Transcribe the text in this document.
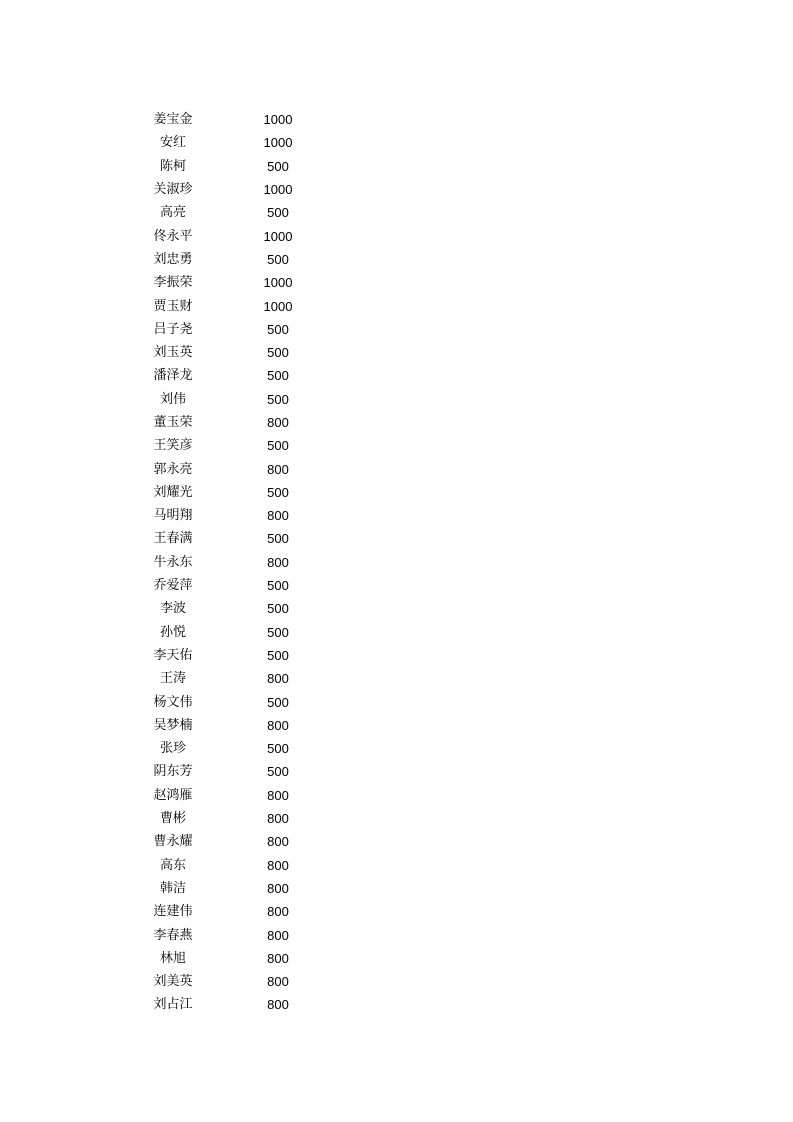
姜宝金	1000
安红	1000
陈柯	500
关淑珍	1000
高亮	500
佟永平	1000
刘忠勇	500
李振荣	1000
贾玉财	1000
吕子尧	500
刘玉英	500
潘泽龙	500
刘伟	500
董玉荣	800
王笑彦	500
郭永亮	800
刘耀光	500
马明翔	800
王春满	500
牛永东	800
乔爱萍	500
李波	500
孙悦	500
李天佑	500
王涛	800
杨文伟	500
吴梦楠	800
张珍	500
阴东芳	500
赵鸿雁	800
曹彬	800
曹永耀	800
高东	800
韩洁	800
连建伟	800
李春燕	800
林旭	800
刘美英	800
刘占江	800
